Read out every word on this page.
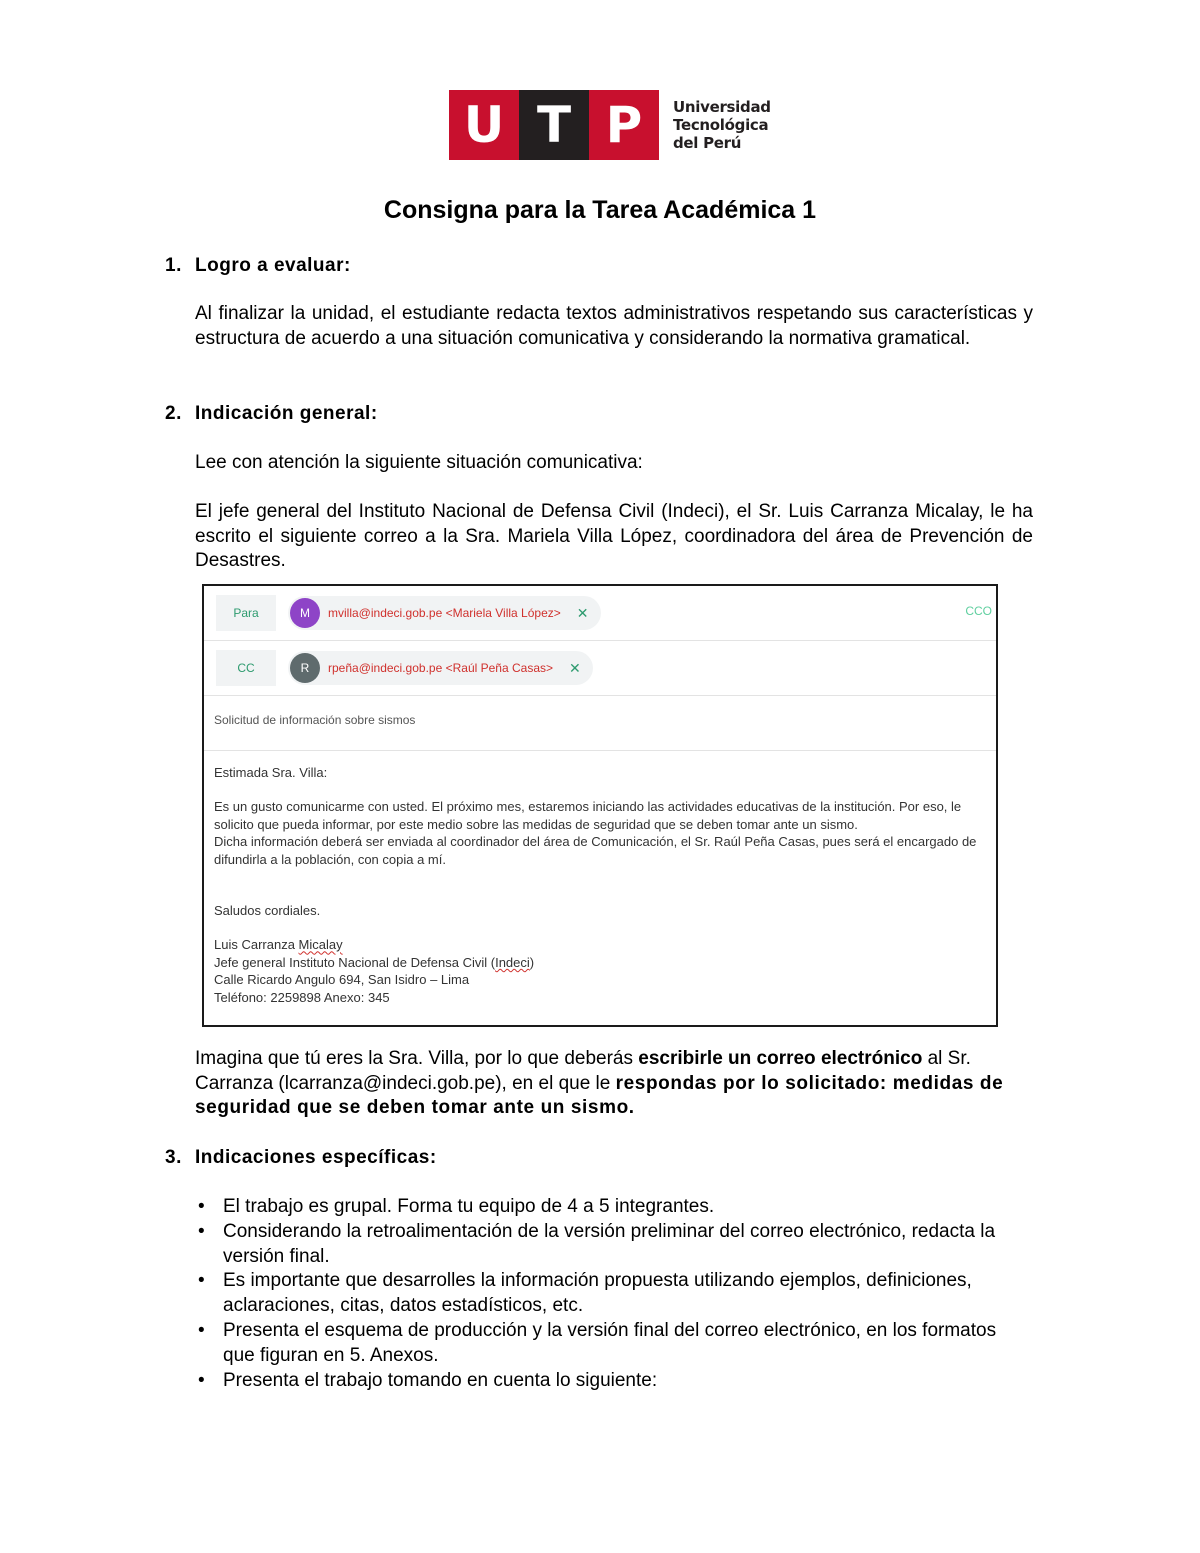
U T P	Universidad
Tecnológica
del Perú
Consigna para la Tarea Académica 1
1. Logro a evaluar:
Al finalizar la unidad, el estudiante redacta textos administrativos respetando sus características y estructura de acuerdo a una situación comunicativa y considerando la normativa gramatical.
2. Indicación general:
Lee con atención la siguiente situación comunicativa:
El jefe general del Instituto Nacional de Defensa Civil (Indeci), el Sr. Luis Carranza Micalay, le ha escrito el siguiente correo a la Sra. Mariela Villa López, coordinadora del área de Prevención de Desastres.
Para	M	mvilla@indeci.gob.pe <Mariela Villa López> ✕	CCO
CC	R	rpeña@indeci.gob.pe <Raúl Peña Casas> ✕
Solicitud de información sobre sismos

Estimada Sra. Villa:

Es un gusto comunicarme con usted. El próximo mes, estaremos iniciando las actividades educativas de la institución. Por eso, le solicito que pueda informar, por este medio sobre las medidas de seguridad que se deben tomar ante un sismo.

Dicha información deberá ser enviada al coordinador del área de Comunicación, el Sr. Raúl Peña Casas, pues será el encargado de difundirla a la población, con copia a mí.

Saludos cordiales.

Luis Carranza Micalay

Jefe general Instituto Nacional de Defensa Civil (Indeci)

Calle Ricardo Angulo 694, San Isidro – Lima

Teléfono: 2259898 Anexo: 345

Imagina que tú eres la Sra. Villa, por lo que deberás escribirle un correo electrónico al Sr. Carranza (lcarranza@indeci.gob.pe), en el que le respondas por lo solicitado: medidas de seguridad que se deben tomar ante un sismo.
3. Indicaciones específicas:
• El trabajo es grupal. Forma tu equipo de 4 a 5 integrantes.
• Considerando la retroalimentación de la versión preliminar del correo electrónico, redacta la versión final.
• Es importante que desarrolles la información propuesta utilizando ejemplos, definiciones, aclaraciones, citas, datos estadísticos, etc.
• Presenta el esquema de producción y la versión final del correo electrónico, en los formatos que figuran en 5. Anexos.
• Presenta el trabajo tomando en cuenta lo siguiente:
